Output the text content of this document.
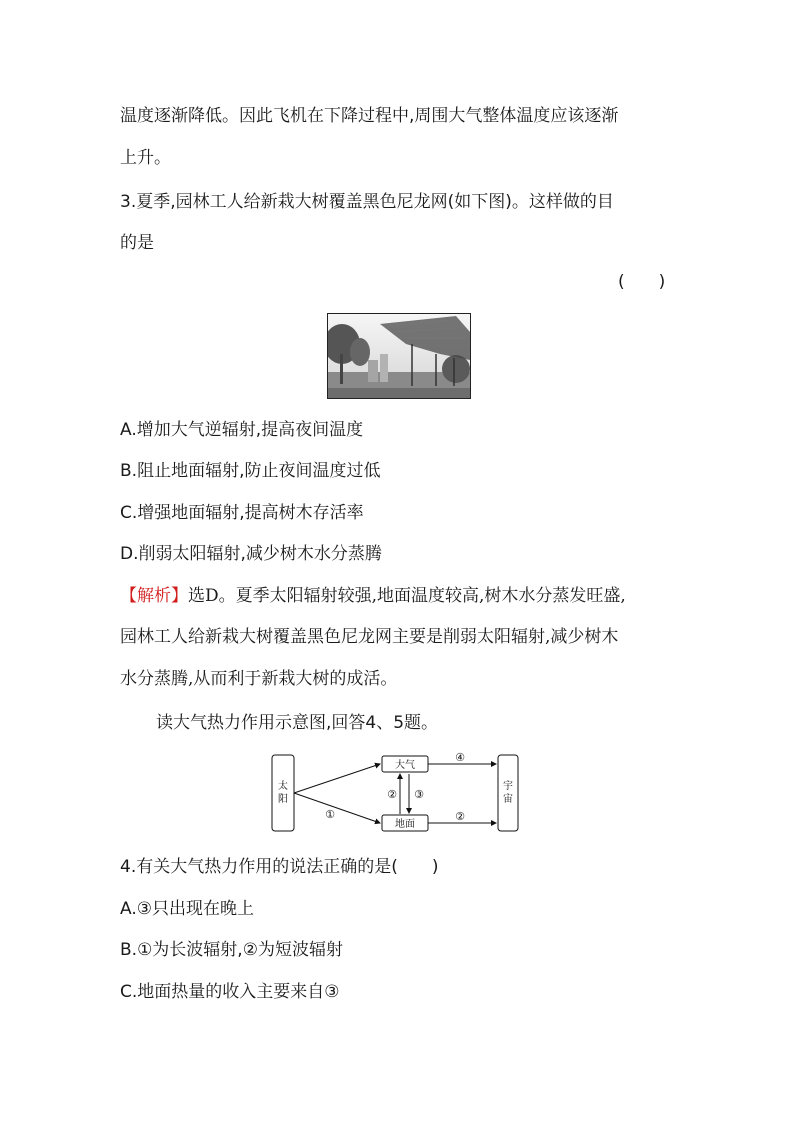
温度逐渐降低。因此飞机在下降过程中,周围大气整体温度应该逐渐
上升。
3.夏季,园林工人给新栽大树覆盖黑色尼龙网(如下图)。这样做的目
的是
(　　)
A.增加大气逆辐射,提高夜间温度
B.阻止地面辐射,防止夜间温度过低
C.增强地面辐射,提高树木存活率
D.削弱太阳辐射,减少树木水分蒸腾
【解析】选D。夏季太阳辐射较强,地面温度较高,树木水分蒸发旺盛,
园林工人给新栽大树覆盖黑色尼龙网主要是削弱太阳辐射,减少树木
水分蒸腾,从而利于新栽大树的成活。
读大气热力作用示意图,回答4、5题。
太
阳
大气
地面
宇
宙
①
② ③
④
②
4.有关大气热力作用的说法正确的是(　　)
A.③只出现在晚上
B.①为长波辐射,②为短波辐射
C.地面热量的收入主要来自③
